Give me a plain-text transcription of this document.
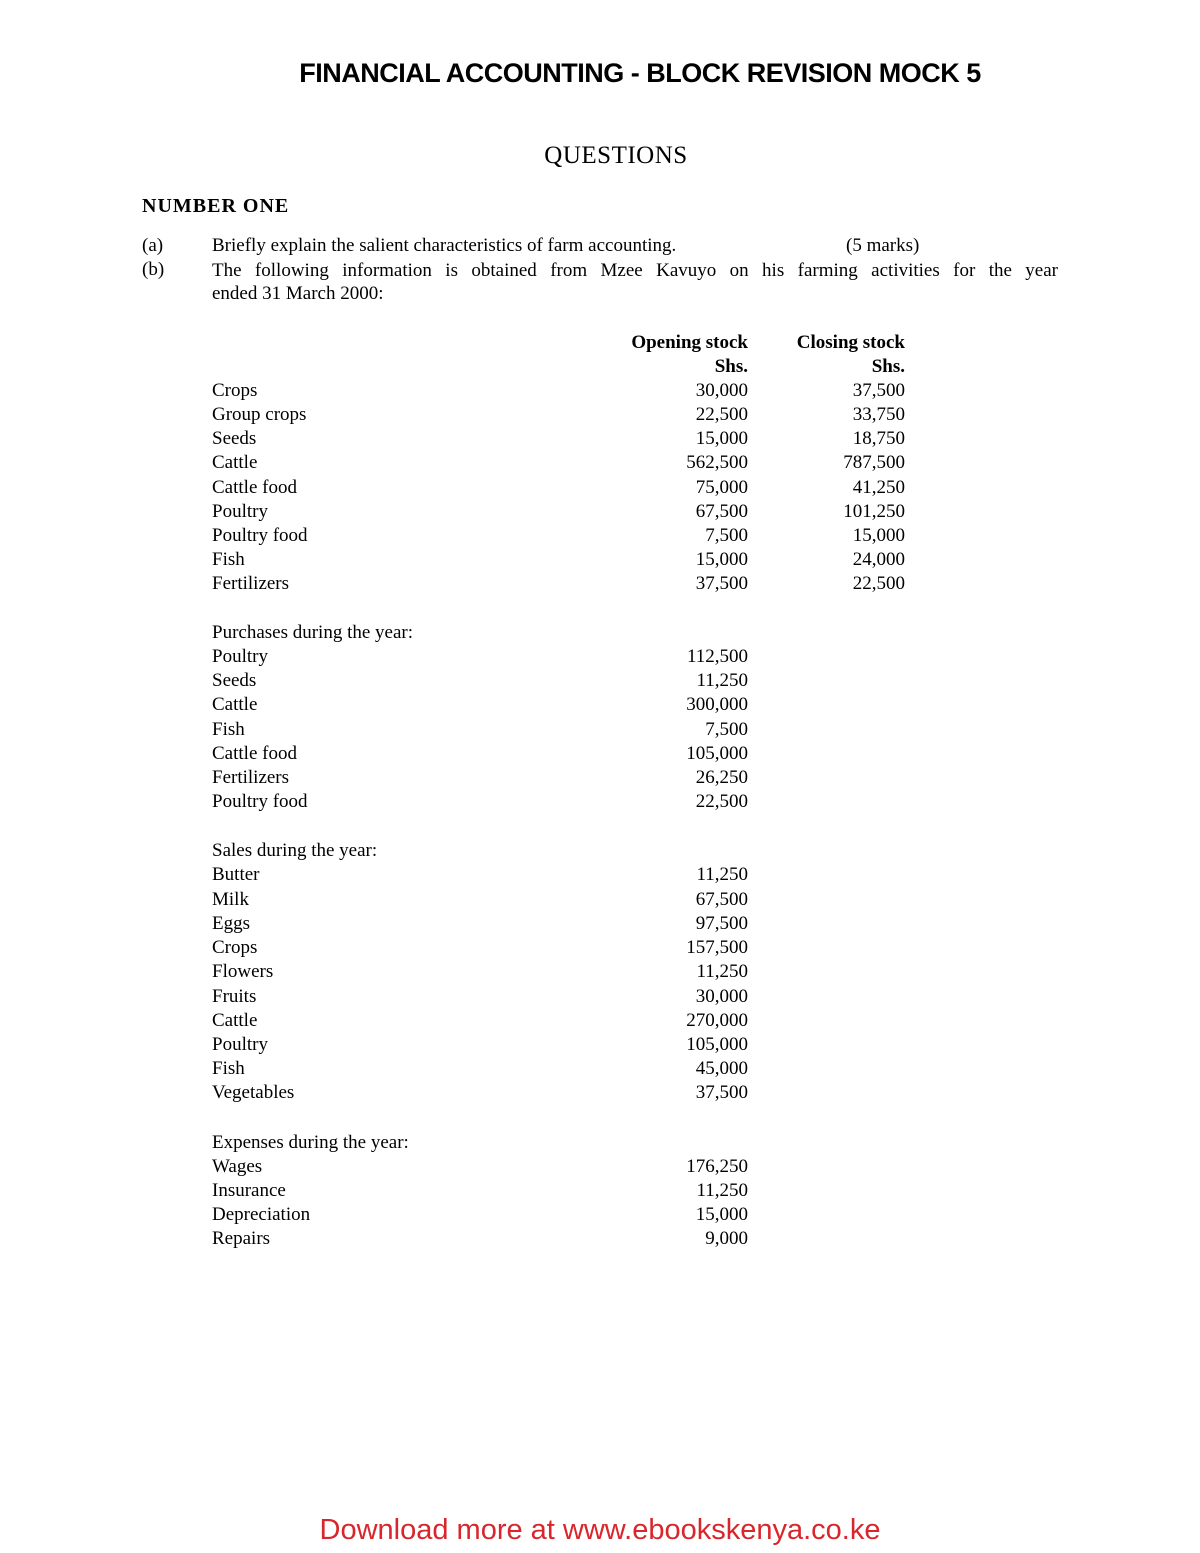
FINANCIAL ACCOUNTING - BLOCK REVISION MOCK 5
QUESTIONS
NUMBER ONE
(a)	Briefly explain the salient characteristics of farm accounting.	(5 marks)
(b)	The following information is obtained from Mzee Kavuyo on his farming activities for the year
ended 31 March 2000:
Opening stock	Closing stock
Shs.	Shs.
Crops	30,000	37,500
Group crops	22,500	33,750
Seeds	15,000	18,750
Cattle	562,500	787,500
Cattle food	75,000	41,250
Poultry	67,500	101,250
Poultry food	7,500	15,000
Fish	15,000	24,000
Fertilizers	37,500	22,500
Purchases during the year:
Poultry	112,500
Seeds	11,250
Cattle	300,000
Fish	7,500
Cattle food	105,000
Fertilizers	26,250
Poultry food	22,500
Sales during the year:
Butter	11,250
Milk	67,500
Eggs	97,500
Crops	157,500
Flowers	11,250
Fruits	30,000
Cattle	270,000
Poultry	105,000
Fish	45,000
Vegetables	37,500
Expenses during the year:
Wages	176,250
Insurance	11,250
Depreciation	15,000
Repairs	9,000
Download more at www.ebookskenya.co.ke
